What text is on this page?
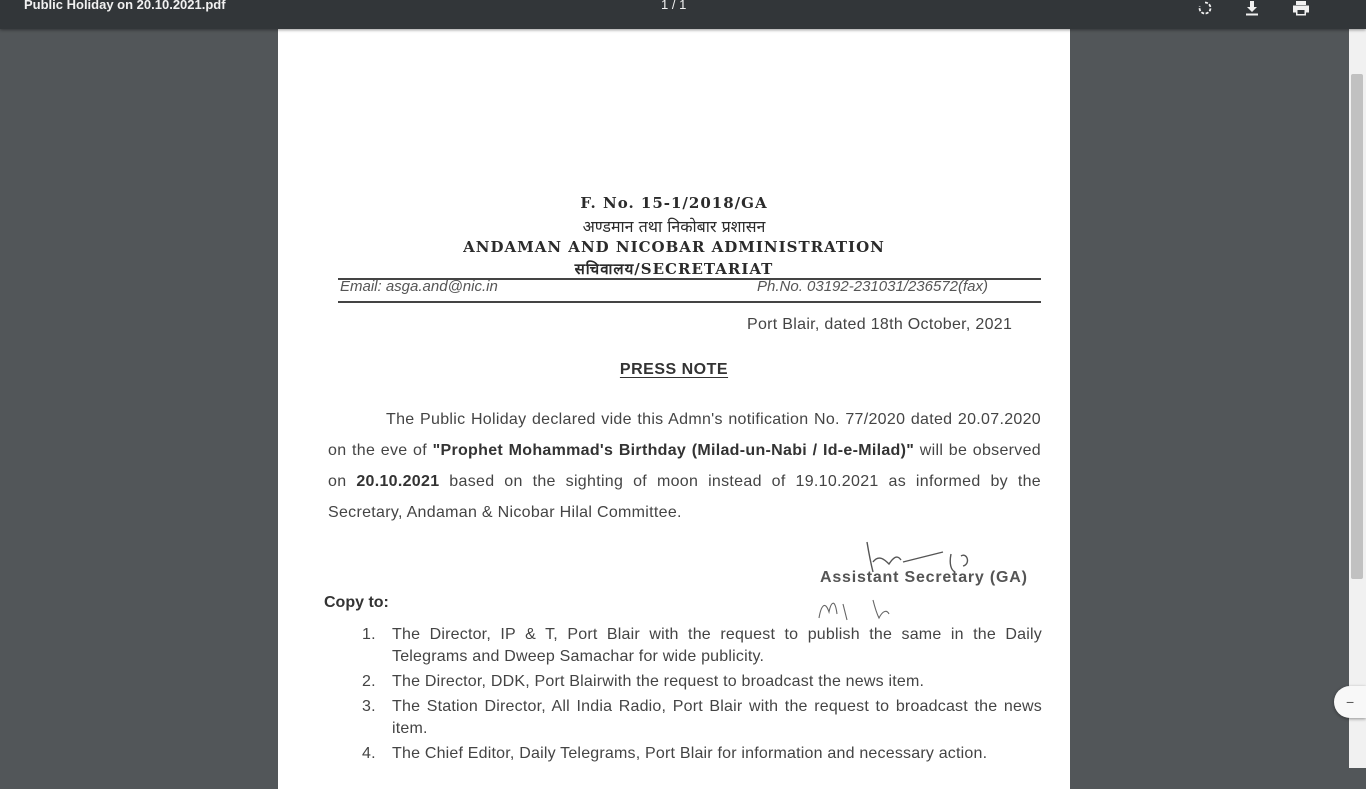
Public Holiday on 20.10.2021.pdf	1 / 1
F. No. 15-1/2018/GA
अण्डमान तथा निकोबार प्रशासन
ANDAMAN AND NICOBAR ADMINISTRATION
सचिवालय/SECRETARIAT
Email: asga.and@nic.in	Ph.No. 03192-231031/236572(fax)
Port Blair, dated 18th October, 2021
PRESS NOTE
The Public Holiday declared vide this Admn's notification No. 77/2020 dated 20.07.2020 on the eve of "Prophet Mohammad's Birthday (Milad-un-Nabi / Id-e-Milad)" will be observed on 20.10.2021 based on the sighting of moon instead of 19.10.2021 as informed by the Secretary, Andaman & Nicobar Hilal Committee.
Assistant Secretary (GA)
Copy to:
1. The Director, IP & T, Port Blair with the request to publish the same in the Daily Telegrams and Dweep Samachar for wide publicity.
2. The Director, DDK, Port Blairwith the request to broadcast the news item.
3. The Station Director, All India Radio, Port Blair with the request to broadcast the news item.
4. The Chief Editor, Daily Telegrams, Port Blair for information and necessary action.
−
